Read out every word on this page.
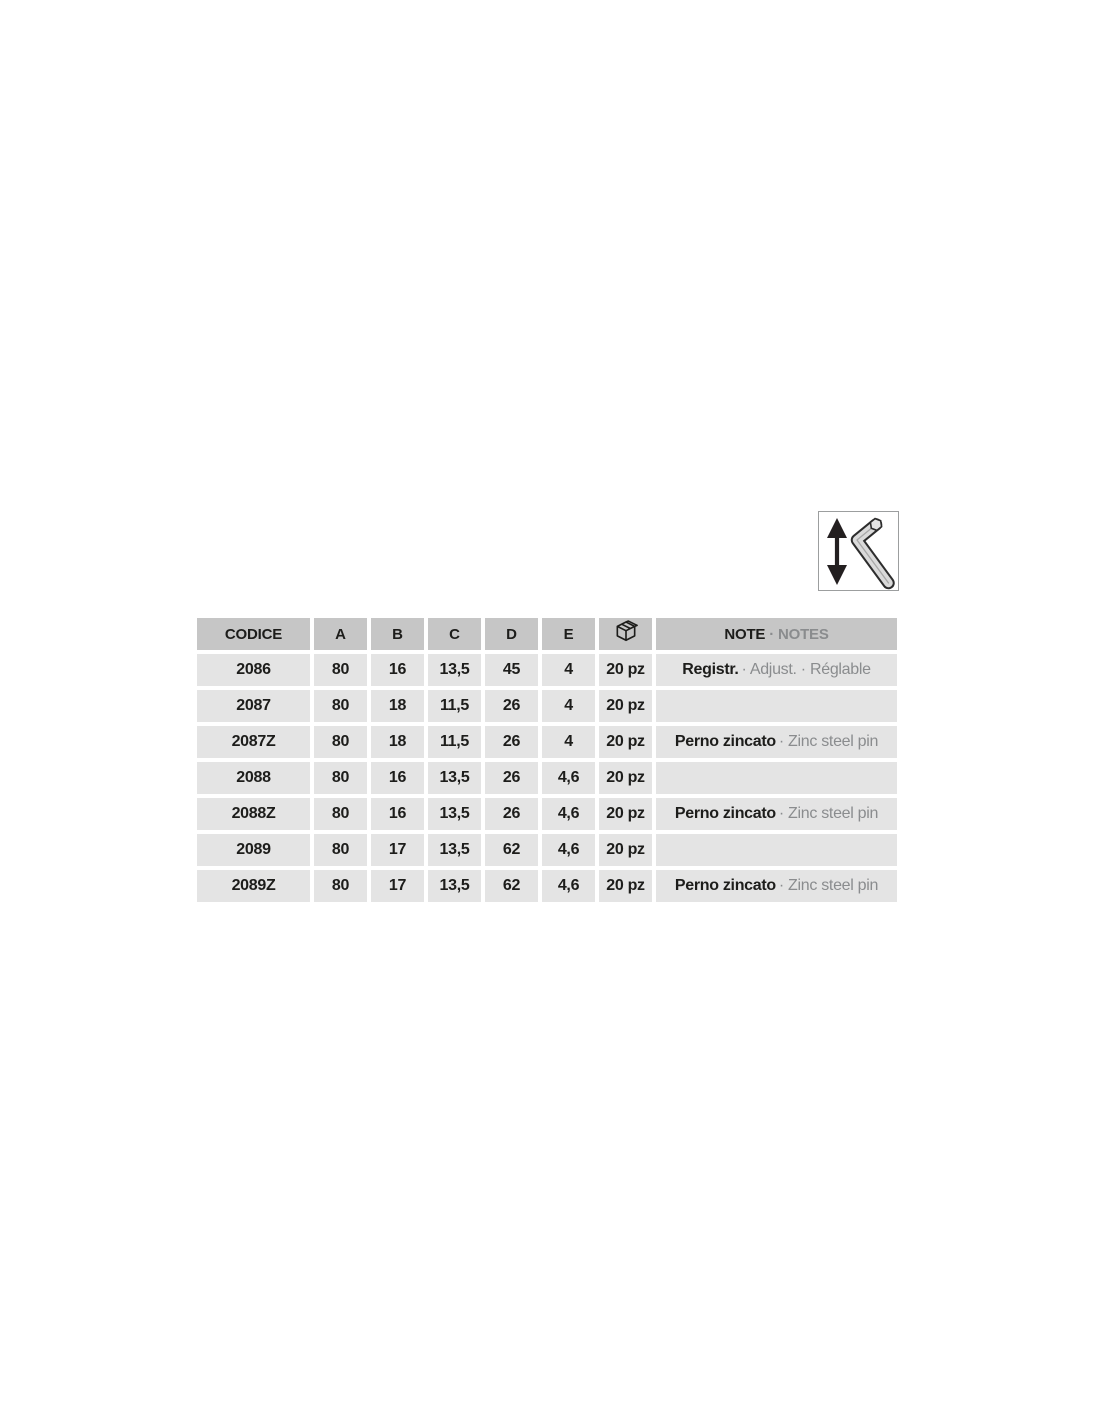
CODICE	A	B	C	D	E		NOTE · NOTES
2086	80	16	13,5	45	4	20 pz	Registr. · Adjust. · Réglable
2087	80	18	11,5	26	4	20 pz	
2087Z	80	18	11,5	26	4	20 pz	Perno zincato · Zinc steel pin
2088	80	16	13,5	26	4,6	20 pz	
2088Z	80	16	13,5	26	4,6	20 pz	Perno zincato · Zinc steel pin
2089	80	17	13,5	62	4,6	20 pz	
2089Z	80	17	13,5	62	4,6	20 pz	Perno zincato · Zinc steel pin
